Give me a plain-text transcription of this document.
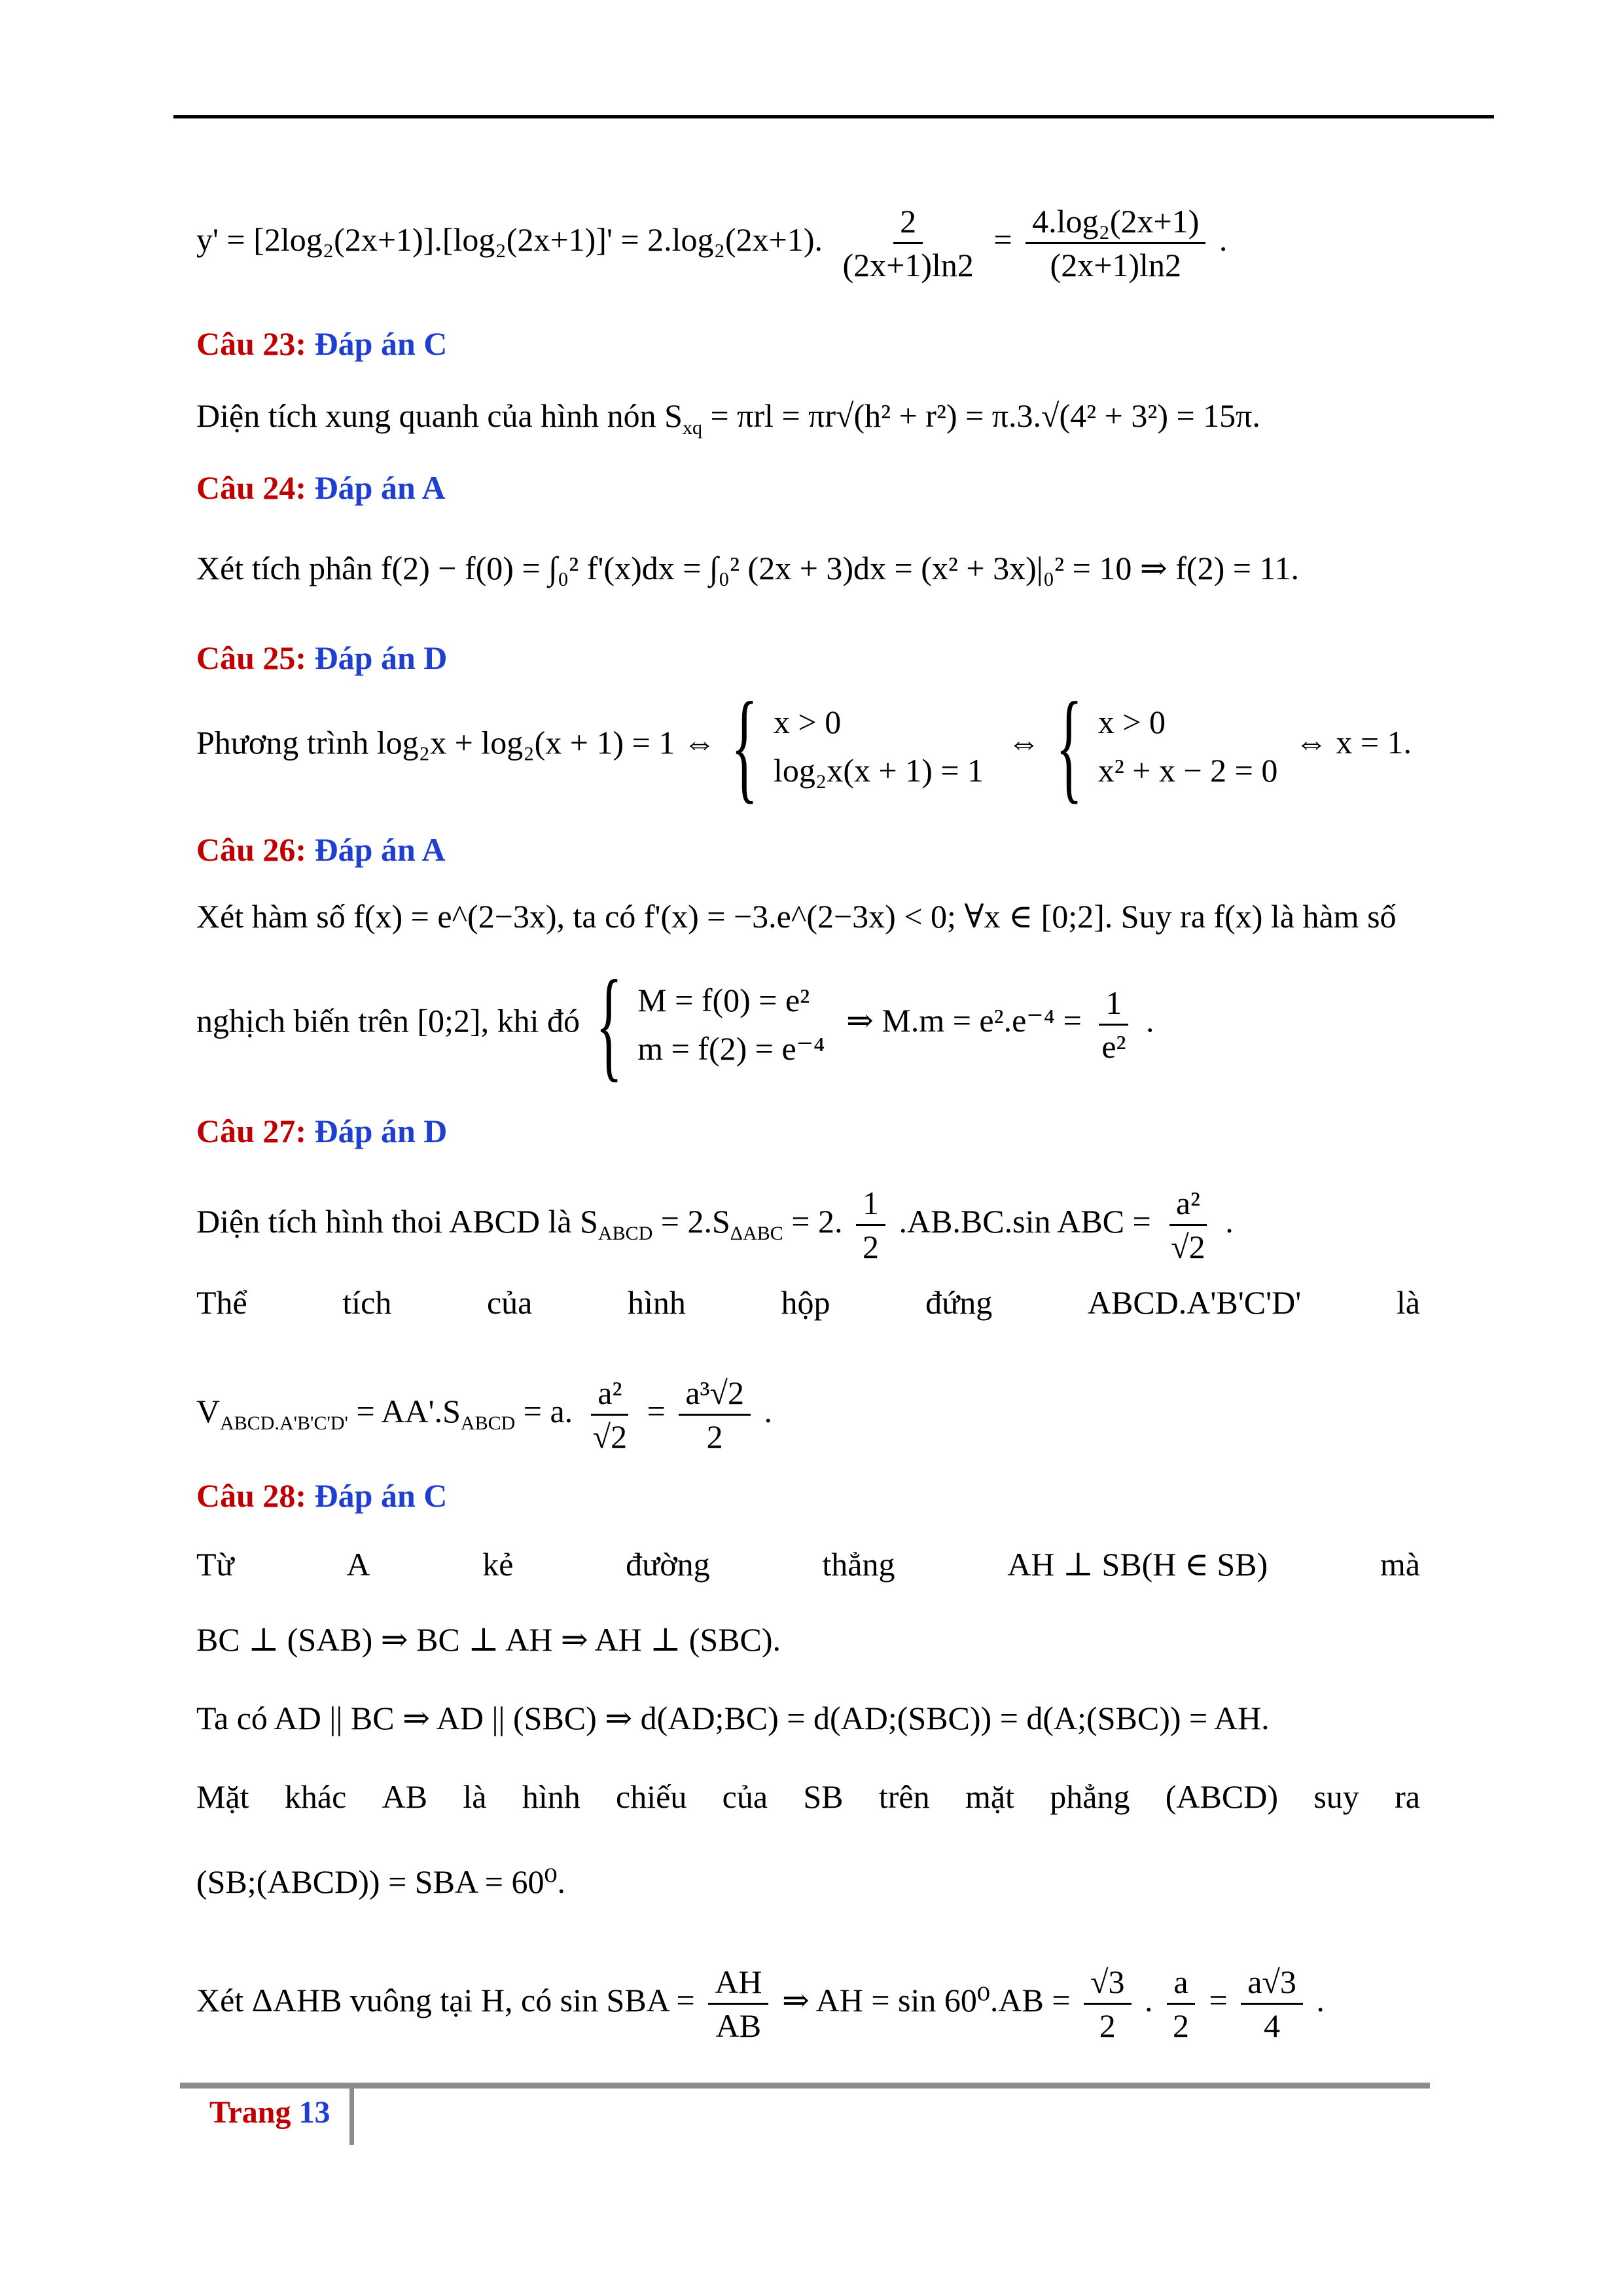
y' = [2log₂(2x+1)].[log₂(2x+1)]' = 2.log₂(2x+1). $\frac{2}{(2x+1)\ln 2} = \frac{\text{4.log₂(2x+1)}}{(2x+1)\ln 2}$ .
Câu 23: Đáp án C
Diện tích xung quanh của hình nón $S_{xq} = \pi rl = \pi r√(h^2 + r^2) = \pi.3.√(4^2 + 3^2) = 15\pi$.
Câu 24: Đáp án A
Xét tích phân f(2) − f(0) = ∫₀² f'(x)dx = ∫₀² (2x + 3)dx = (x² + 3x)|₀² = 10 ⇒ f(2) = 11.
Câu 25: Đáp án D
Phương trình log₂x + log₂(x + 1) = 1 ⇔ { x > 0
log₂x(x + 1) = 1
⇔ { x > 0
x² + x − 2 = 0
⇔ x = 1.
Câu 26: Đáp án A
Xét hàm số f(x) = e^(2−3x), ta có f'(x) = −3.e^(2−3x) < 0; ∀x ∈ [0;2]. Suy ra f(x) là hàm số
nghịch biến trên [0;2], khi đó { M = f(0) = e²
m = f(2) = e⁻⁴
⇒ $M.m = e^2.e^{-4} = \frac{1}{\text{e²}}$ .
Câu 27: Đáp án D
Diện tích hình thoi ABCD là $S_{ABCD} = 2.S_{\Delta ABC} = 2$. $\frac{1}{2} .AB.BC.\sin$ ABC = $\frac{\text{a²}}{√2}$ .
Thể	tích	của	hình	hộp	đứng	ABCD.A'B'C'D'	là
$V_{ABCD.A'B'C'D'} = AA'.S_{ABCD} = a$. $\frac{\text{a²}}{√2} = \frac{\text{a³√2}}{2}$ .
Câu 28: Đáp án C
Từ	A	kẻ	đường	thẳng	AH ⊥ SB(H ∈ SB)	mà
BC ⊥ (SAB) ⇒ BC ⊥ AH ⇒ AH ⊥ (SBC).
Ta có AD || BC ⇒ AD || (SBC) ⇒ d(AD;BC) = d(AD;(SBC)) = d(A;(SBC)) = AH.
Mặt khác AB là hình chiếu của SB trên mặt phẳng (ABCD) suy ra
(SB;(ABCD)) = SBA = 60⁰.
Xét ΔAHB vuông tại H, có sin SBA = $\frac{AH}{AB}$ ⇒ AH = $\sin 60^0.AB = \frac{√3}{2}$ . $\frac{a}{2} = \frac{a√3}{4}$ .
Trang 13
